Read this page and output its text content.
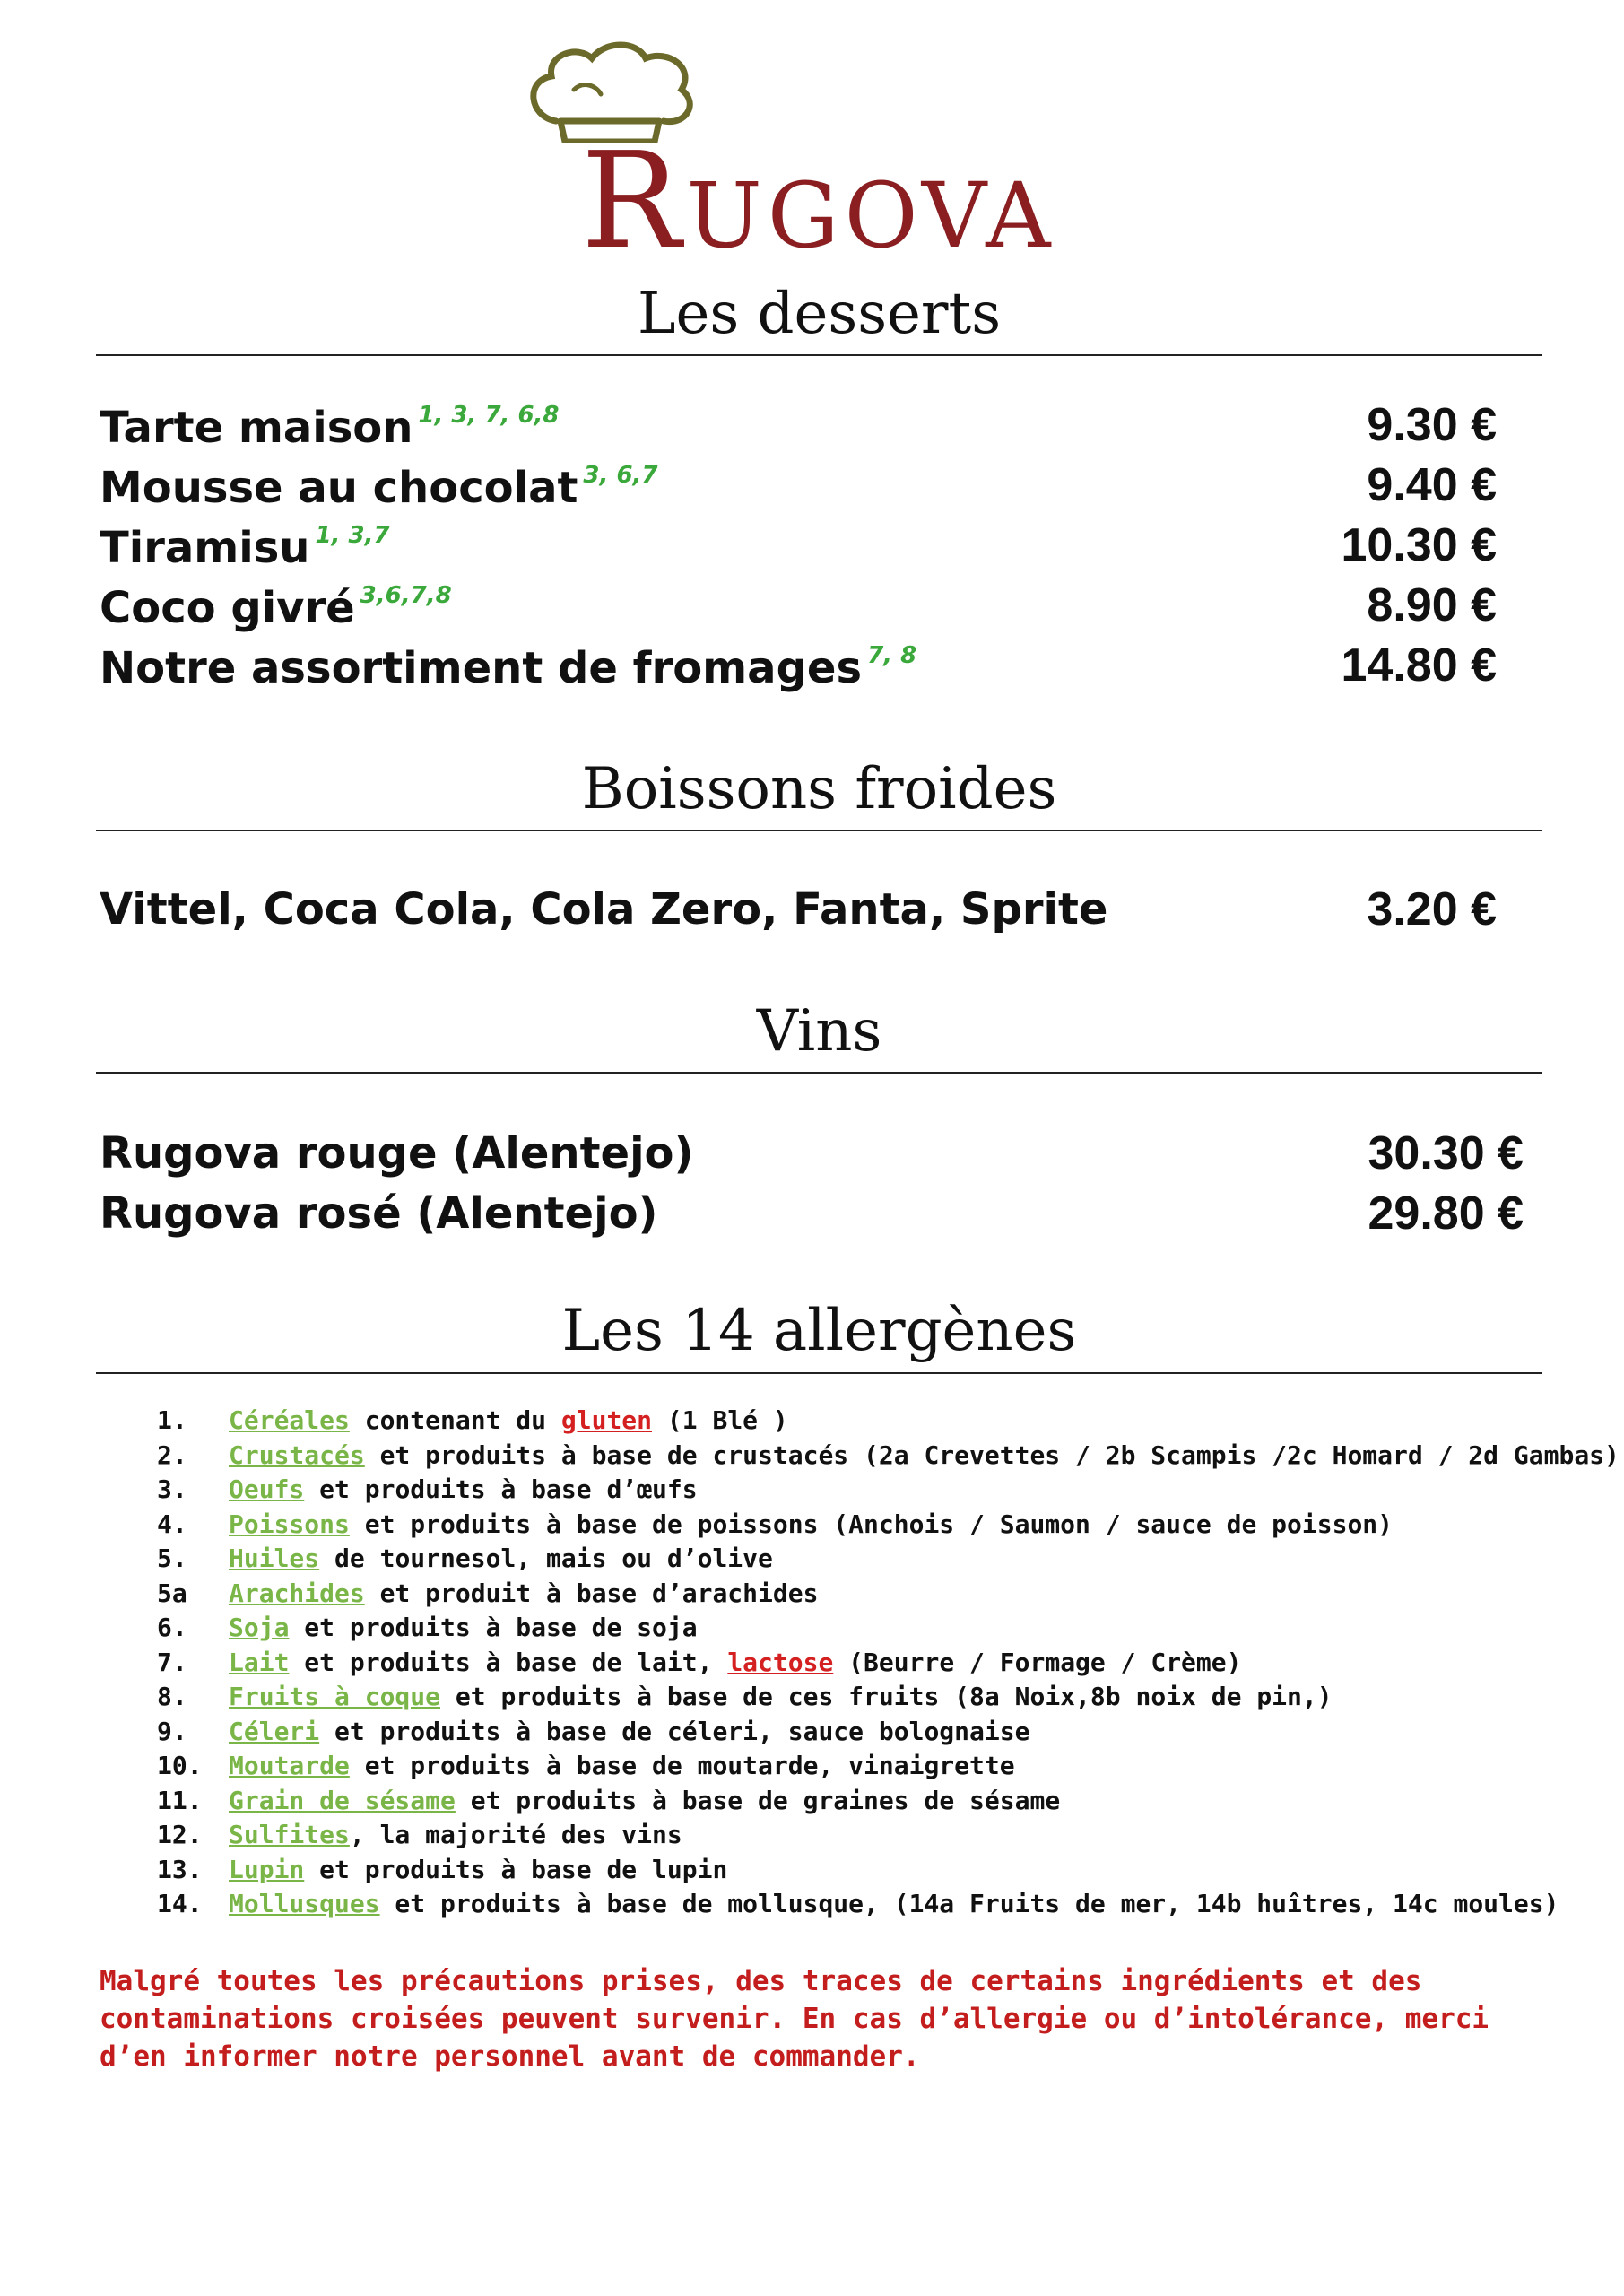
RUGOVA
Les desserts
Tarte maison $^{1, 3, 7, 6,8}$	9.30 €
Mousse au chocolat $^{3, 6,7}$	9.40 €
Tiramisu $^{1, 3,7}$	10.30 €
Coco givré $^{3,6,7,8}$	8.90 €
Notre assortiment de fromages $^{7, 8}$	14.80 €
Boissons froides
Vittel, Coca Cola, Cola Zero, Fanta, Sprite	3.20 €
Vins
Rugova rouge (Alentejo)	30.30 €
Rugova rosé (Alentejo)	29.80 €
Les 14 allergènes
1. Céréales contenant du gluten (1 Blé )
2. Crustacés et produits à base de crustacés (2a Crevettes / 2b Scampis /2c Homard / 2d Gambas)
3. Oeufs et produits à base d’œufs
4. Poissons et produits à base de poissons (Anchois / Saumon / sauce de poisson)
5. Huiles de tournesol, mais ou d’olive
5a Arachides et produit à base d’arachides
6. Soja et produits à base de soja
7. Lait et produits à base de lait, lactose (Beurre / Formage / Crème)
8. Fruits à coque et produits à base de ces fruits (8a Noix,8b noix de pin,)
9. Céleri et produits à base de céleri, sauce bolognaise
10. Moutarde et produits à base de moutarde, vinaigrette
11. Grain de sésame et produits à base de graines de sésame
12. Sulfites, la majorité des vins
13. Lupin et produits à base de lupin
14. Mollusques et produits à base de mollusque, (14a Fruits de mer, 14b huîtres, 14c moules)
Malgré toutes les précautions prises, des traces de certains ingrédients et des contaminations croisées peuvent survenir. En cas d’allergie ou d’intolérance, merci d’en informer notre personnel avant de commander.
